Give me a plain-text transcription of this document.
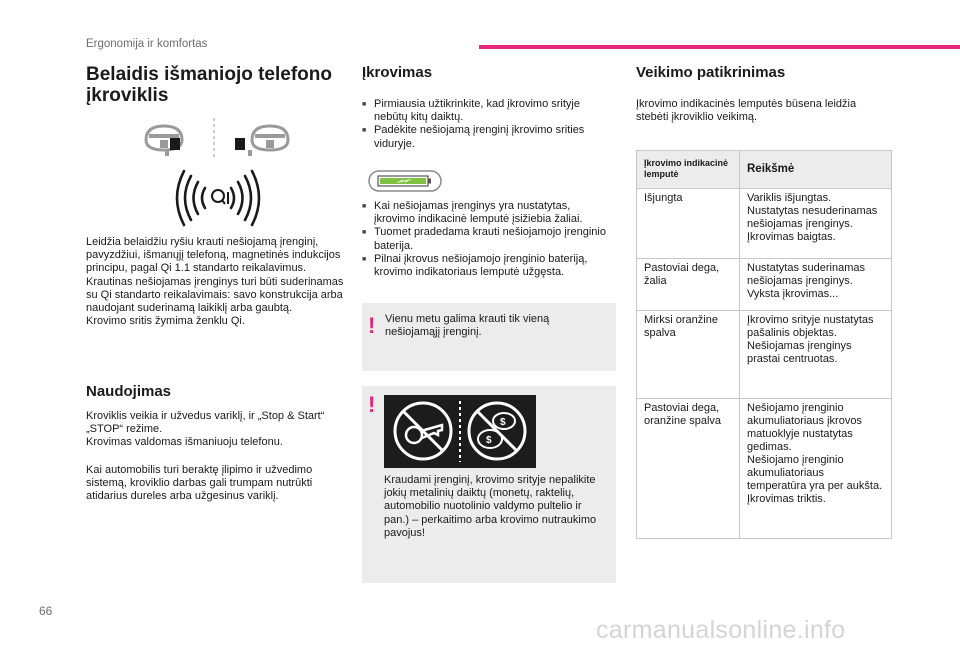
Ergonomija ir komfortas
Belaidis išmaniojo telefono įkroviklis

Leidžia belaidžiu ryšiu krauti nešiojamą įrenginį, pavyzdžiui, išmanųjį telefoną, magnetinės indukcijos principu, pagal Qi 1.1 standarto reikalavimus.
Krautinas nešiojamas įrenginys turi būti suderinamas su Qi standarto reikalavimais: savo konstrukcija arba naudojant suderinamą laikiklį arba gaubtą.
Krovimo sritis žymima ženklu Qi.

Naudojimas

Kroviklis veikia ir užvedus variklį, ir „Stop & Start“ „STOP“ režime.
Krovimas valdomas išmaniuoju telefonu.

Kai automobilis turi beraktę įlipimo ir užvedimo sistemą, kroviklio darbas gali trumpam nutrūkti atidarius dureles arba užgesinus variklį.

Įkrovimas
■ Pirmiausia užtikrinkite, kad įkrovimo srityje nebūtų kitų daiktų.
■ Padėkite nešiojamą įrenginį įkrovimo srities viduryje.
■ Kai nešiojamas įrenginys yra nustatytas, įkrovimo indikacinė lemputė įsižiebia žaliai.
■ Tuomet pradedama krauti nešiojamojo įrenginio baterija.
■ Pilnai įkrovus nešiojamojo įrenginio bateriją, krovimo indikatoriaus lemputė užgęsta.
! Vienu metu galima krauti tik vieną nešiojamąjį įrenginį.
!
$
$
Kraudami įrenginį, krovimo srityje nepalikite jokių metalinių daiktų (monetų, raktelių, automobilio nuotolinio valdymo pultelio ir pan.) – perkaitimo arba krovimo nutraukimo pavojus!
Veikimo patikrinimas

Įkrovimo indikacinės lemputės būsena leidžia stebėti įkroviklio veikimą.

Įkrovimo indikacinė lemputė	Reikšmė
Išjungta	Variklis išjungtas.
Nustatytas nesuderinamas nešiojamas įrenginys.
Įkrovimas baigtas.
Pastoviai dega, žalia	Nustatytas suderinamas nešiojamas įrenginys.
Vyksta įkrovimas...
Mirksi oranžine spalva	Įkrovimo srityje nustatytas pašalinis objektas.
Nešiojamas įrenginys prastai centruotas.
Pastoviai dega, oranžine spalva	Nešiojamo įrenginio akumuliatoriaus įkrovos matuoklyje nustatytas gedimas.
Nešiojamo įrenginio akumuliatoriaus temperatūra yra per aukšta.
Įkrovimas triktis.
66
carmanualsonline.info
